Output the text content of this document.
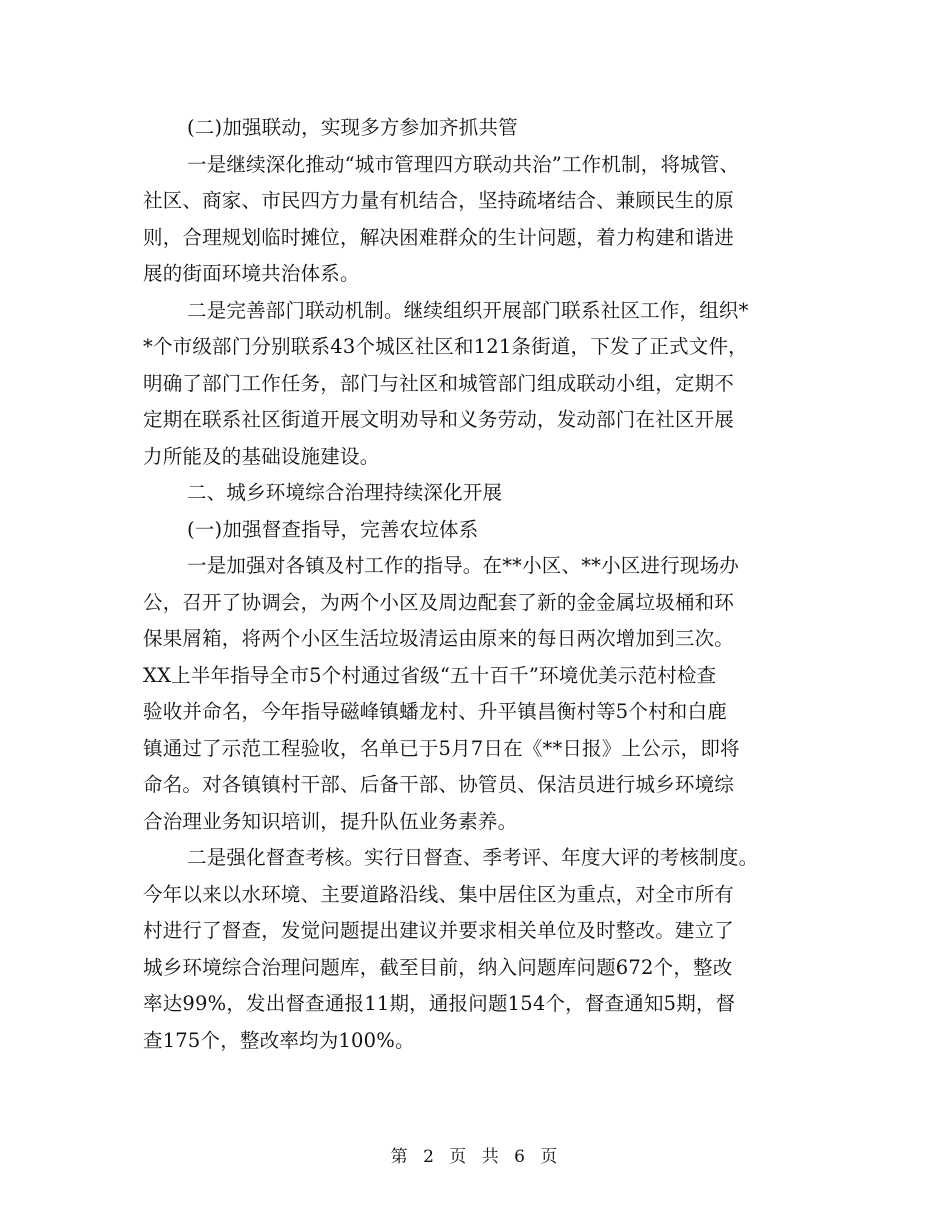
(二)加强联动，实现多方参加齐抓共管
一是继续深化推动“城市管理四方联动共治”工作机制，将城管、
社区、商家、市民四方力量有机结合，坚持疏堵结合、兼顾民生的原
则，合理规划临时摊位，解决困难群众的生计问题，着力构建和谐进
展的街面环境共治体系。
二是完善部门联动机制。继续组织开展部门联系社区工作，组织*
*个市级部门分别联系43个城区社区和121条街道，下发了正式文件，
明确了部门工作任务，部门与社区和城管部门组成联动小组，定期不
定期在联系社区街道开展文明劝导和义务劳动，发动部门在社区开展
力所能及的基础设施建设。
二、城乡环境综合治理持续深化开展
(一)加强督查指导，完善农垃体系
一是加强对各镇及村工作的指导。在**小区、**小区进行现场办
公，召开了协调会，为两个小区及周边配套了新的金金属垃圾桶和环
保果屑箱，将两个小区生活垃圾清运由原来的每日两次增加到三次。
XX上半年指导全市5个村通过省级“五十百千”环境优美示范村检查
验收并命名，今年指导磁峰镇蟠龙村、升平镇昌衡村等5个村和白鹿
镇通过了示范工程验收，名单已于5月7日在《**日报》上公示，即将
命名。对各镇镇村干部、后备干部、协管员、保洁员进行城乡环境综
合治理业务知识培训，提升队伍业务素养。
二是强化督查考核。实行日督查、季考评、年度大评的考核制度。
今年以来以水环境、主要道路沿线、集中居住区为重点，对全市所有
村进行了督查，发觉问题提出建议并要求相关单位及时整改。建立了
城乡环境综合治理问题库，截至目前，纳入问题库问题672个，整改
率达99%，发出督查通报11期，通报问题154个，督查通知5期，督
查175个，整改率均为100%。
第 2 页 共 6 页
